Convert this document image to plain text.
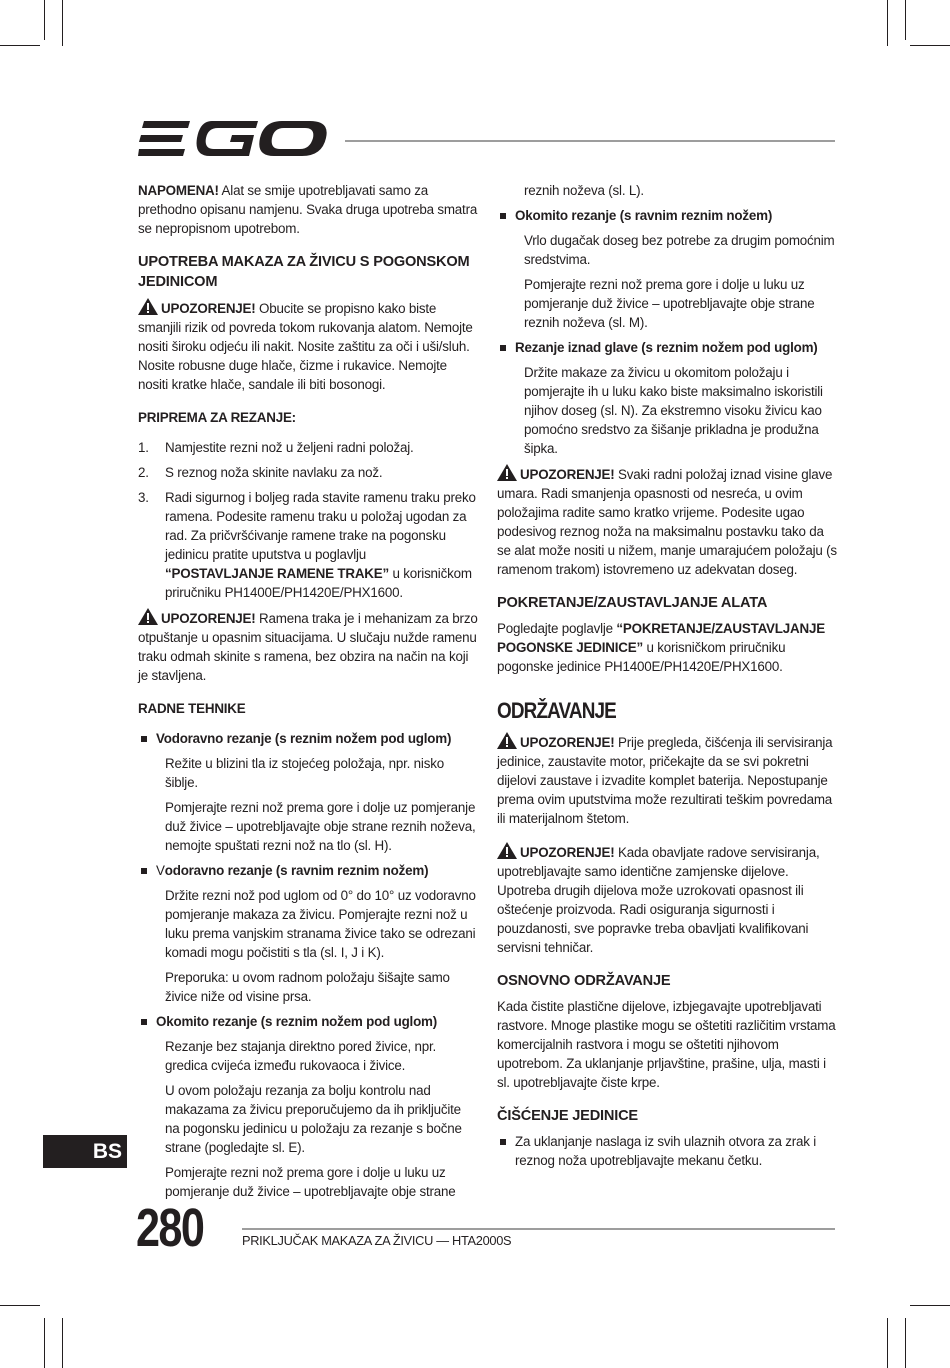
NAPOMENA! Alat se smije upotrebljavati samo za prethodno opisanu namjenu. Svaka druga upotreba smatra se nepropisnom upotrebom.

UPOTREBA MAKAZA ZA ŽIVICU S POGONSKOM JEDINICOM

UPOZORENJE! Obucite se propisno kako biste smanjili rizik od povreda tokom rukovanja alatom. Nemojte nositi široku odjeću ili nakit. Nosite zaštitu za oči i uši/sluh. Nosite robusne duge hlače, čizme i rukavice. Nemojte nositi kratke hlače, sandale ili biti bosonogi.

PRIPREMA ZA REZANJE:

1. Namjestite rezni nož u željeni radni položaj.

2. S reznog noža skinite navlaku za nož.

3. Radi sigurnog i boljeg rada stavite ramenu traku preko ramena. Podesite ramenu traku u položaj ugodan za rad. Za pričvršćivanje ramene trake na pogonsku jedinicu pratite uputstva u poglavlju “POSTAVLJANJE RAMENE TRAKE” u korisničkom priručniku PH1400E/PH1420E/PHX1600.

UPOZORENJE! Ramena traka je i mehanizam za brzo otpuštanje u opasnim situacijama. U slučaju nužde ramenu traku odmah skinite s ramena, bez obzira na način na koji je stavljena.

RADNE TEHNIKE

Vodoravno rezanje (s reznim nožem pod uglom)

Režite u blizini tla iz stojećeg položaja, npr. nisko šiblje.

Pomjerajte rezni nož prema gore i dolje uz pomjeranje duž živice – upotrebljavajte obje strane reznih noževa, nemojte spuštati rezni nož na tlo (sl. H).

Vodoravno rezanje (s ravnim reznim nožem)

Držite rezni nož pod uglom od 0° do 10° uz vodoravno pomjeranje makaza za živicu. Pomjerajte rezni nož u luku prema vanjskim stranama živice tako se odrezani komadi mogu počistiti s tla (sl. I, J i K).

Preporuka: u ovom radnom položaju šišajte samo živice niže od visine prsa.

Okomito rezanje (s reznim nožem pod uglom)

Rezanje bez stajanja direktno pored živice, npr. gredica cvijeća između rukovaoca i živice.

U ovom položaju rezanja za bolju kontrolu nad makazama za živicu preporučujemo da ih priključite na pogonsku jedinicu u položaju za rezanje s bočne strane (pogledajte sl. E).

Pomjerajte rezni nož prema gore i dolje u luku uz pomjeranje duž živice – upotrebljavajte obje strane

reznih noževa (sl. L).

Okomito rezanje (s ravnim reznim nožem)

Vrlo dugačak doseg bez potrebe za drugim pomoćnim sredstvima.

Pomjerajte rezni nož prema gore i dolje u luku uz pomjeranje duž živice – upotrebljavajte obje strane reznih noževa (sl. M).

Rezanje iznad glave (s reznim nožem pod uglom)

Držite makaze za živicu u okomitom položaju i pomjerajte ih u luku kako biste maksimalno iskoristili njihov doseg (sl. N). Za ekstremno visoku živicu kao pomoćno sredstvo za šišanje prikladna je produžna šipka.

UPOZORENJE! Svaki radni položaj iznad visine glave umara. Radi smanjenja opasnosti od nesreća, u ovim položajima radite samo kratko vrijeme. Podesite ugao podesivog reznog noža na maksimalnu postavku tako da se alat može nositi u nižem, manje umarajućem položaju (s ramenom trakom) istovremeno uz adekvatan doseg.

POKRETANJE/ZAUSTAVLJANJE ALATA

Pogledajte poglavlje “POKRETANJE/ZAUSTAVLJANJE POGONSKE JEDINICE” u korisničkom priručniku pogonske jedinice PH1400E/PH1420E/PHX1600.

ODRŽAVANJE

UPOZORENJE! Prije pregleda, čišćenja ili servisiranja jedinice, zaustavite motor, pričekajte da se svi pokretni dijelovi zaustave i izvadite komplet baterija. Nepostupanje prema ovim uputstvima može rezultirati teškim povredama ili materijalnom štetom.

UPOZORENJE! Kada obavljate radove servisiranja, upotrebljavajte samo identične zamjenske dijelove. Upotreba drugih dijelova može uzrokovati opasnost ili oštećenje proizvoda. Radi osiguranja sigurnosti i pouzdanosti, sve popravke treba obavljati kvalifikovani servisni tehničar.

OSNOVNO ODRŽAVANJE

Kada čistite plastične dijelove, izbjegavajte upotrebljavati rastvore. Mnoge plastike mogu se oštetiti različitim vrstama komercijalnih rastvora i mogu se oštetiti njihovom upotrebom. Za uklanjanje prljavštine, prašine, ulja, masti i sl. upotrebljavajte čiste krpe.

ČIŠĆENJE JEDINICE

Za uklanjanje naslaga iz svih ulaznih otvora za zrak i reznog noža upotrebljavajte mekanu četku.

BS
280	PRIKLJUČAK MAKAZA ZA ŽIVICU — HTA2000S
